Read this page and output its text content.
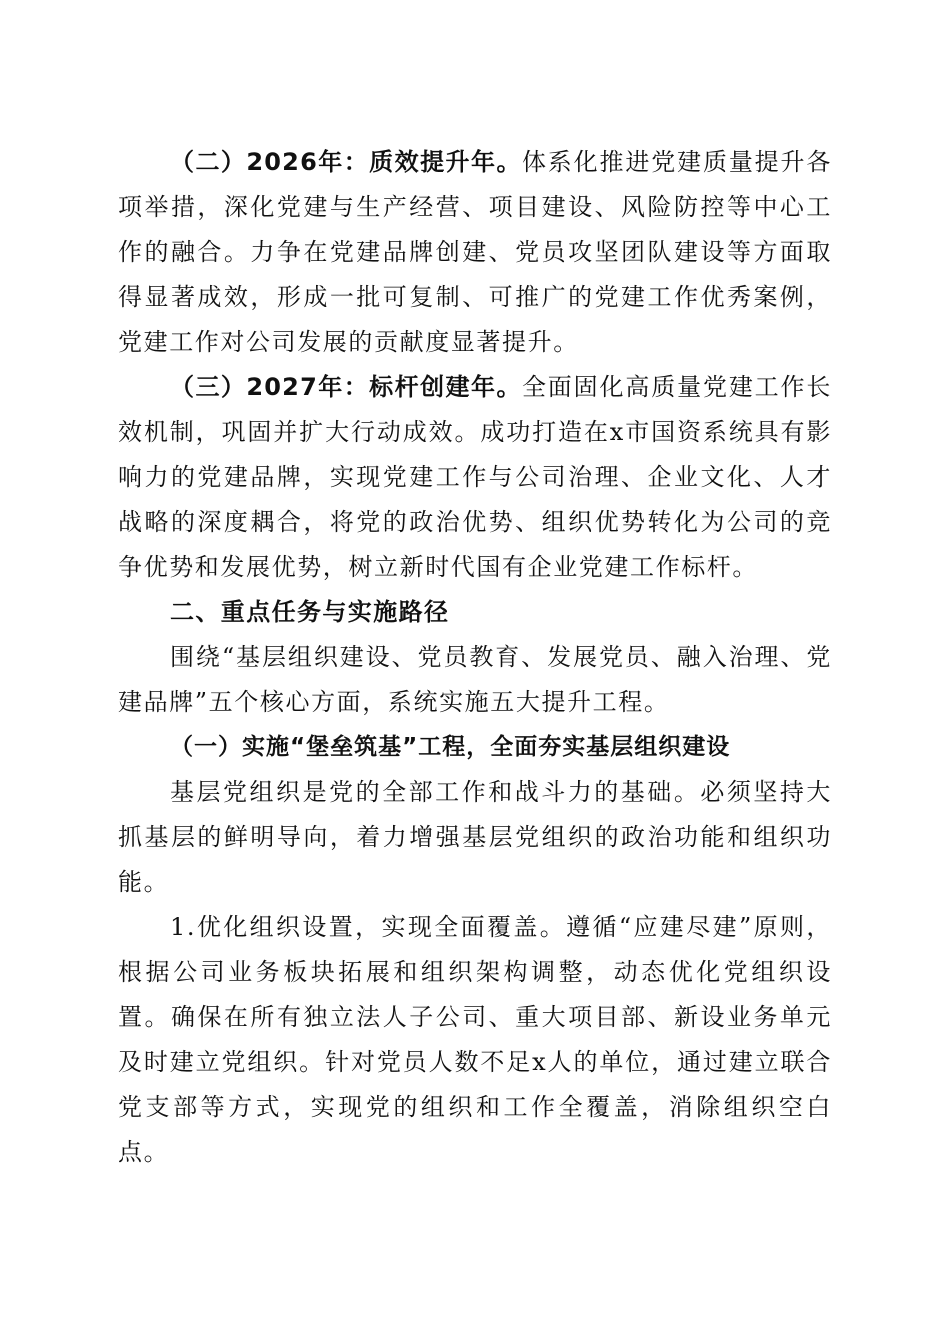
（二）2026年：质效提升年。体系化推进党建质量提升各项举措，深化党建与生产经营、项目建设、风险防控等中心工作的融合。力争在党建品牌创建、党员攻坚团队建设等方面取得显著成效，形成一批可复制、可推广的党建工作优秀案例，党建工作对公司发展的贡献度显著提升。

（三）2027年：标杆创建年。全面固化高质量党建工作长效机制，巩固并扩大行动成效。成功打造在x市国资系统具有影响力的党建品牌，实现党建工作与公司治理、企业文化、人才战略的深度耦合，将党的政治优势、组织优势转化为公司的竞争优势和发展优势，树立新时代国有企业党建工作标杆。

二、重点任务与实施路径

围绕“基层组织建设、党员教育、发展党员、融入治理、党建品牌”五个核心方面，系统实施五大提升工程。

（一）实施“堡垒筑基”工程，全面夯实基层组织建设

基层党组织是党的全部工作和战斗力的基础。必须坚持大抓基层的鲜明导向，着力增强基层党组织的政治功能和组织功能。

1.优化组织设置，实现全面覆盖。遵循“应建尽建”原则，根据公司业务板块拓展和组织架构调整，动态优化党组织设置。确保在所有独立法人子公司、重大项目部、新设业务单元及时建立党组织。针对党员人数不足x人的单位，通过建立联合党支部等方式，实现党的组织和工作全覆盖，消除组织空白点。
